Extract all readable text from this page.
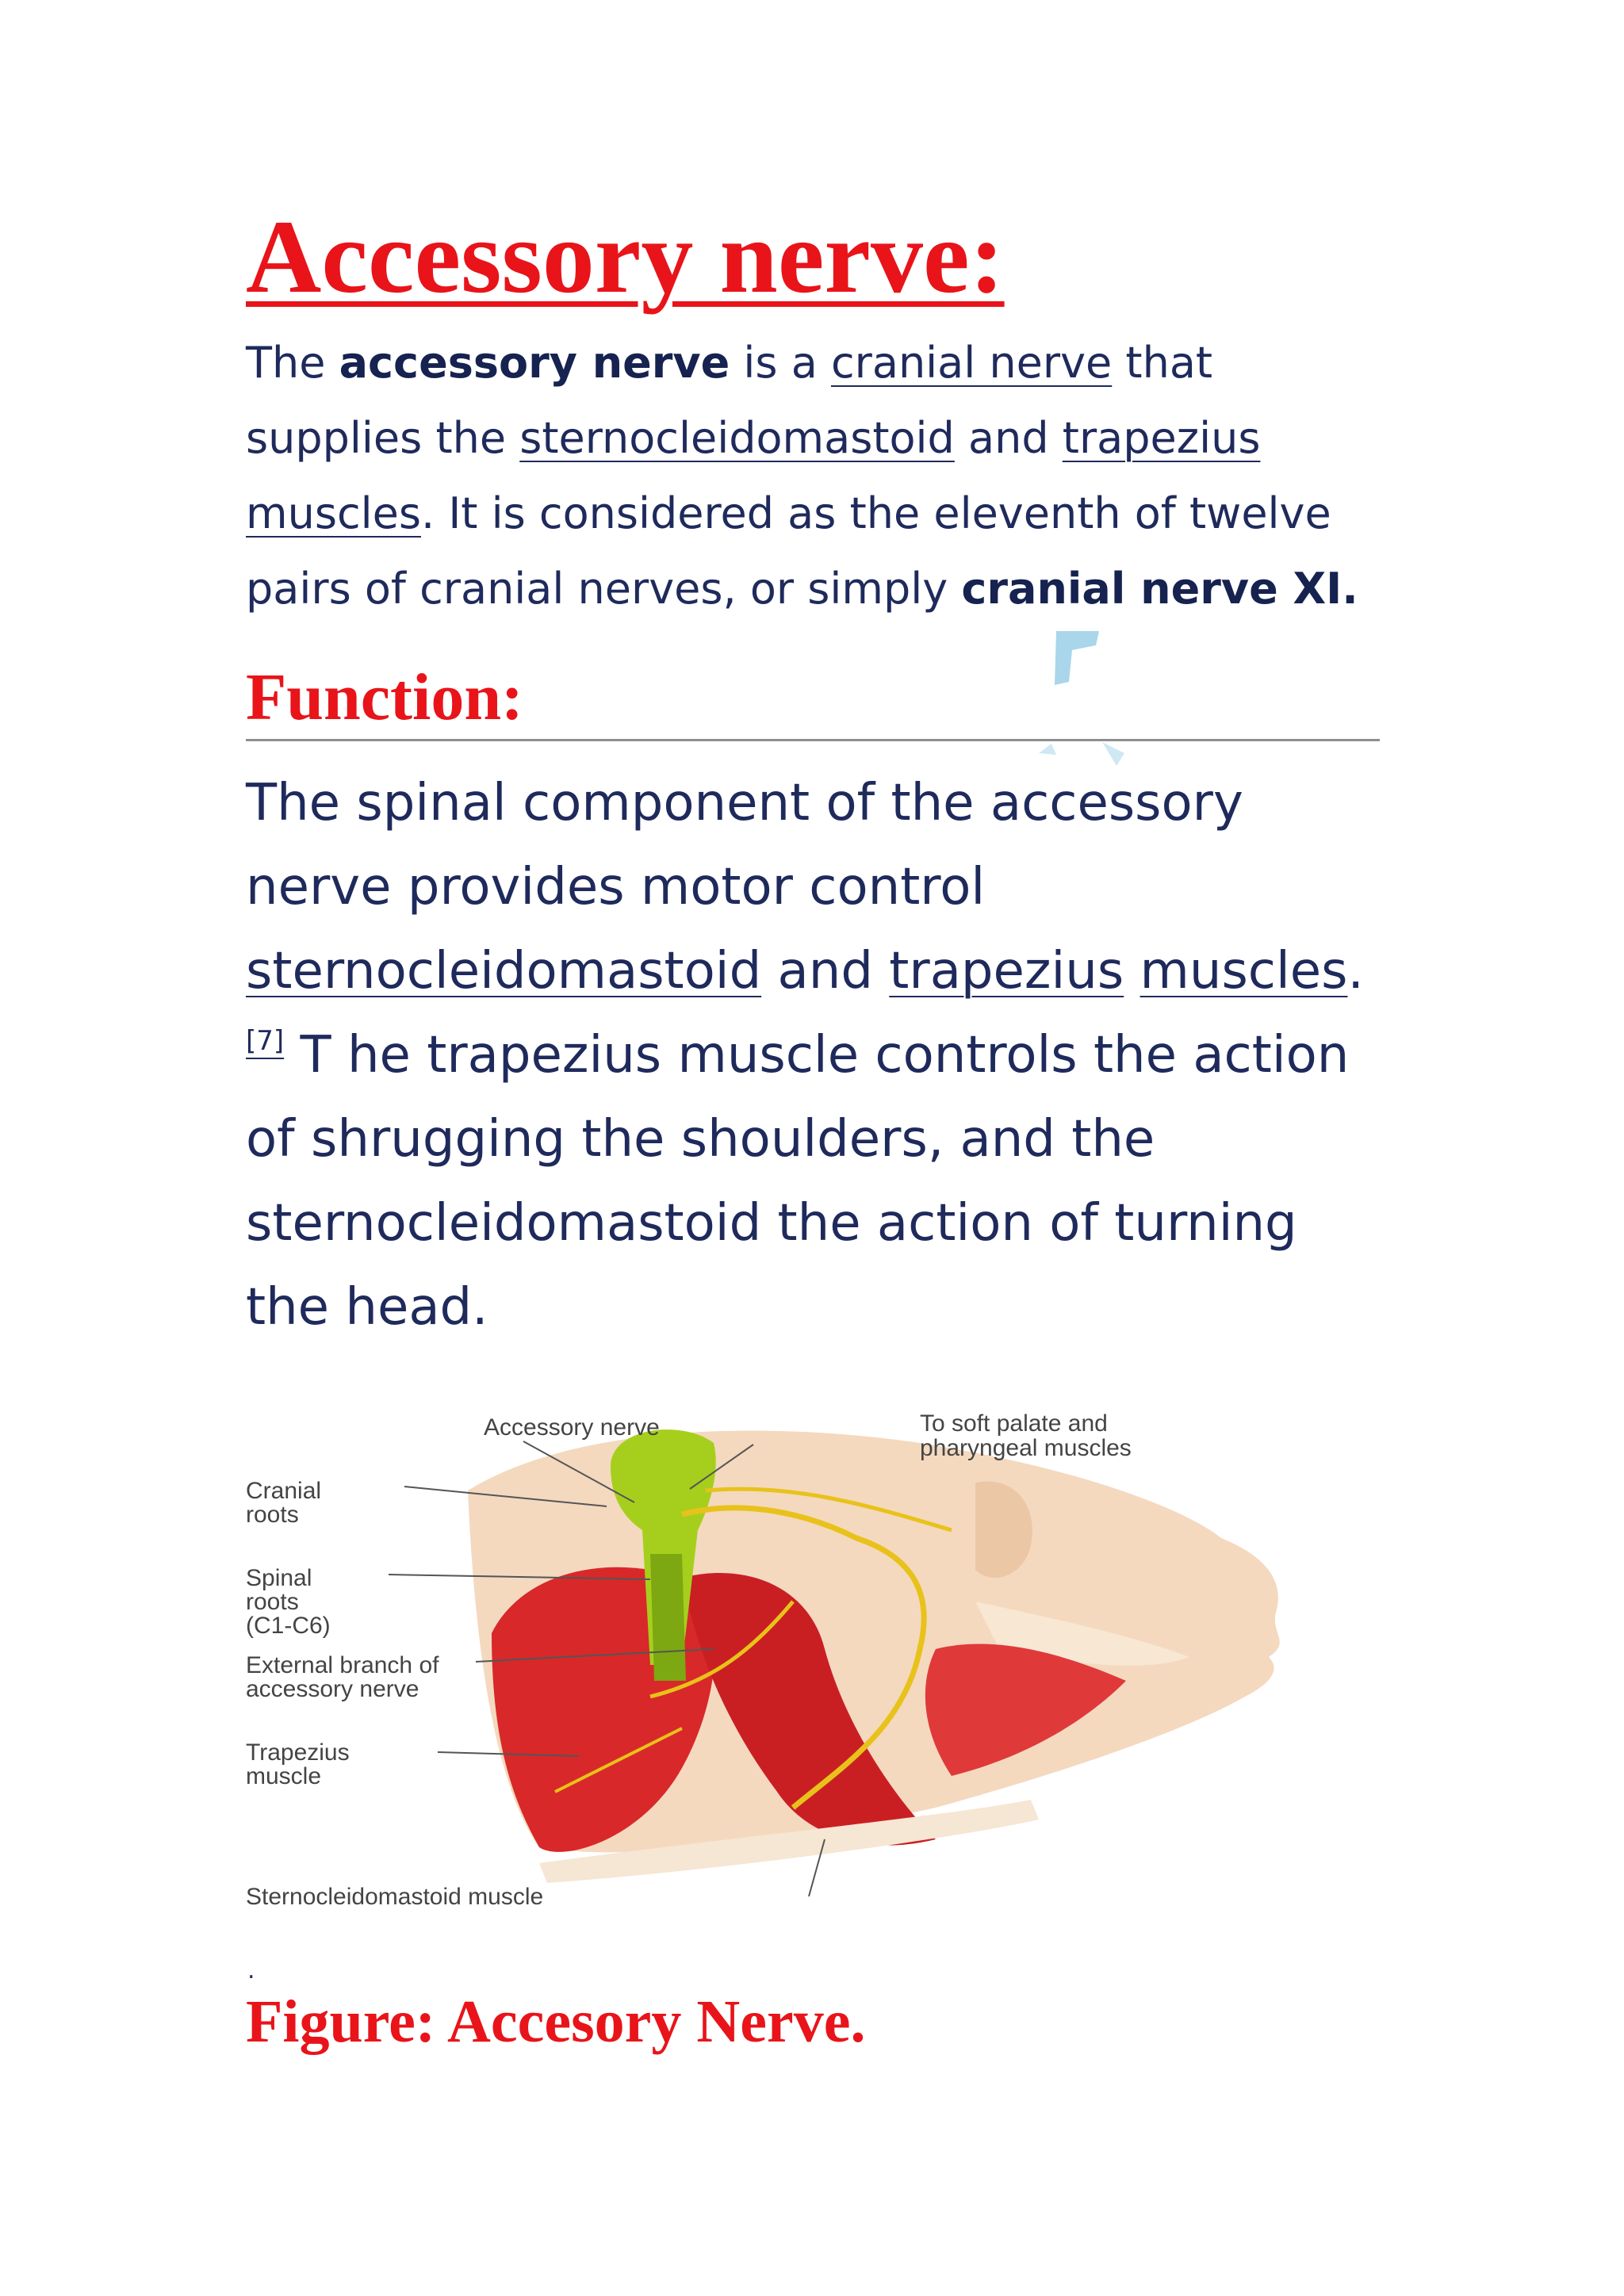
Accessory nerve:

The accessory nerve is a cranial nerve that supplies the sternocleidomastoid and trapezius muscles. It is considered as the eleventh of twelve pairs of cranial nerves, or simply cranial nerve XI.

Function:

The spinal component of the accessory nerve provides motor control sternocleidomastoid and trapezius muscles.[7] T he trapezius muscle controls the action of shrugging the shoulders, and the sternocleidomastoid the action of turning the head.

Accessory nerve	To soft palate and
pharyngeal muscles
Cranial
roots
Spinal
roots
(C1-C6)
External branch of
accessory nerve
Trapezius
muscle
Sternocleidomastoid muscle
.
Figure: Accesory Nerve.
